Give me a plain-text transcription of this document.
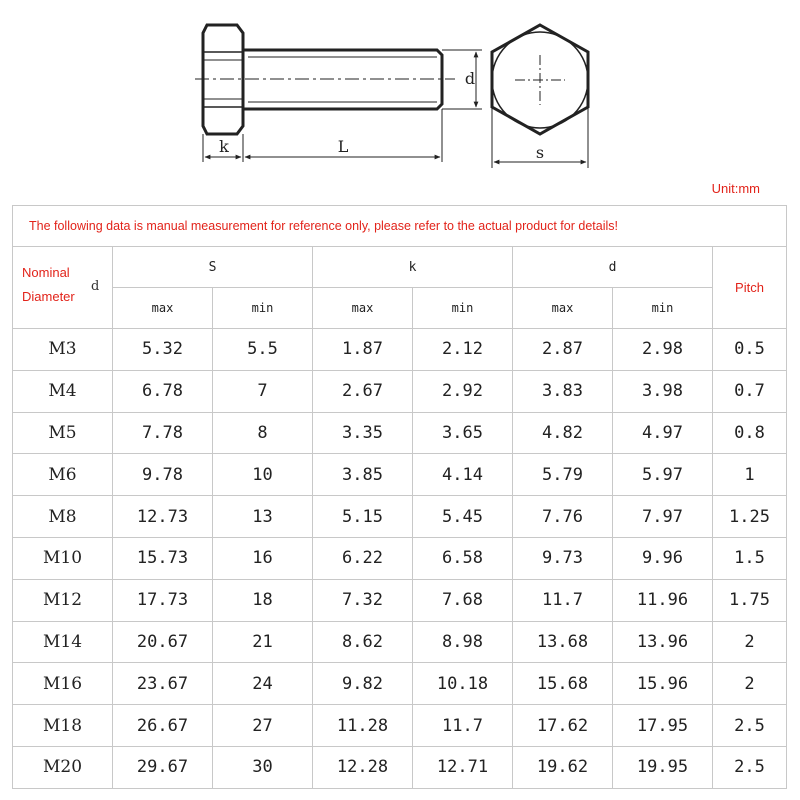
k	L
d
s
Unit:mm
The following data is manual measurement for reference only, please refer to the actual product for details!							

Nominal
Diameter
d	S		k		d		Pitch
	max	min	max	min	max	min	
M3	5.32	5.5	1.87	2.12	2.87	2.98	0.5
M4	6.78	7	2.67	2.92	3.83	3.98	0.7
M5	7.78	8	3.35	3.65	4.82	4.97	0.8
M6	9.78	10	3.85	4.14	5.79	5.97	1
M8	12.73	13	5.15	5.45	7.76	7.97	1.25
M10	15.73	16	6.22	6.58	9.73	9.96	1.5
M12	17.73	18	7.32	7.68	11.7	11.96	1.75
M14	20.67	21	8.62	8.98	13.68	13.96	2
M16	23.67	24	9.82	10.18	15.68	15.96	2
M18	26.67	27	11.28	11.7	17.62	17.95	2.5
M20	29.67	30	12.28	12.71	19.62	19.95	2.5
